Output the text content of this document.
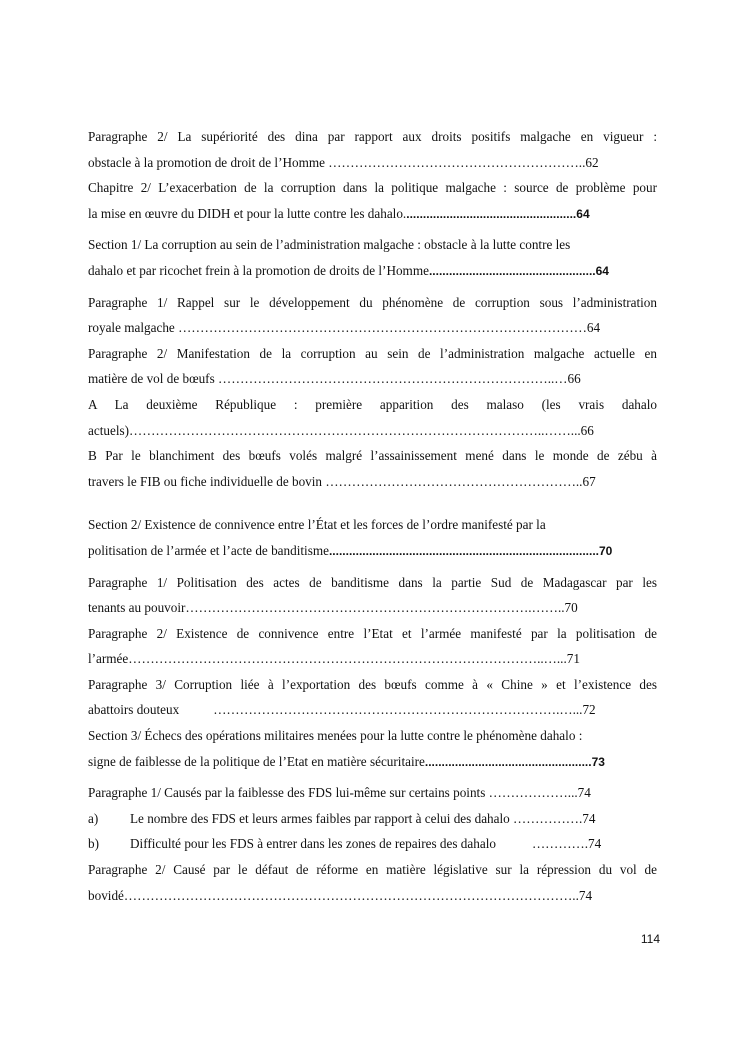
Paragraphe 2/ La supériorité des dina par rapport aux droits positifs malgache en vigueur :
obstacle à la promotion de droit de l’Homme …………………………………………………..62
Chapitre 2/ L’exacerbation de la corruption dans la politique malgache : source de problème pour
la mise en œuvre du DIDH et pour la lutte contre les dahalo....................................................64
Section 1/ La corruption au sein de l’administration malgache : obstacle à la lutte contre les
dahalo et par ricochet frein à la promotion de droits de l’Homme..................................................64
Paragraphe 1/ Rappel sur le développement du phénomène de corruption sous l’administration
royale malgache …………………………………………………………………………………64
Paragraphe 2/ Manifestation de la corruption au sein de l’administration malgache actuelle en
matière de vol de bœufs …………………………………………………………………..…66
A La deuxième République : première apparition des malaso (les vrais dahalo
actuels)…………………………………………………………………………………..……...66
B Par le blanchiment des bœufs volés malgré l’assainissement mené dans le monde de zébu à
travers le FIB ou fiche individuelle de bovin …………………………………………………..67
Section 2/ Existence de connivence entre l’État et les forces de l’ordre manifesté par la
politisation de l’armée et l’acte de banditisme.................................................................................70
Paragraphe 1/ Politisation des actes de banditisme dans la partie Sud de Madagascar par les
tenants au pouvoir…………………………………………………………………….……..70
Paragraphe 2/ Existence de connivence entre l’Etat et l’armée manifesté par la politisation de
l’armée…………………………………………………………………………………..…...71
Paragraphe 3/ Corruption liée à l’exportation des bœufs comme à « Chine » et l’existence des
abattoirs douteux	…………………………………………………………………….…...72
Section 3/ Échecs des opérations militaires menées pour la lutte contre le phénomène dahalo :
signe de faiblesse de la politique de l’Etat en matière sécuritaire..................................................73
Paragraphe 1/ Causés par la faiblesse des FDS lui-même sur certains points ………………...74
a) Le nombre des FDS et leurs armes faibles par rapport à celui des dahalo …………….74
b) Difficulté pour les FDS à entrer dans les zones de repaires des dahalo	………….74
Paragraphe 2/ Causé par le défaut de réforme en matière législative sur la répression du vol de
bovidé…………………………………………………………………………………………..74
114
